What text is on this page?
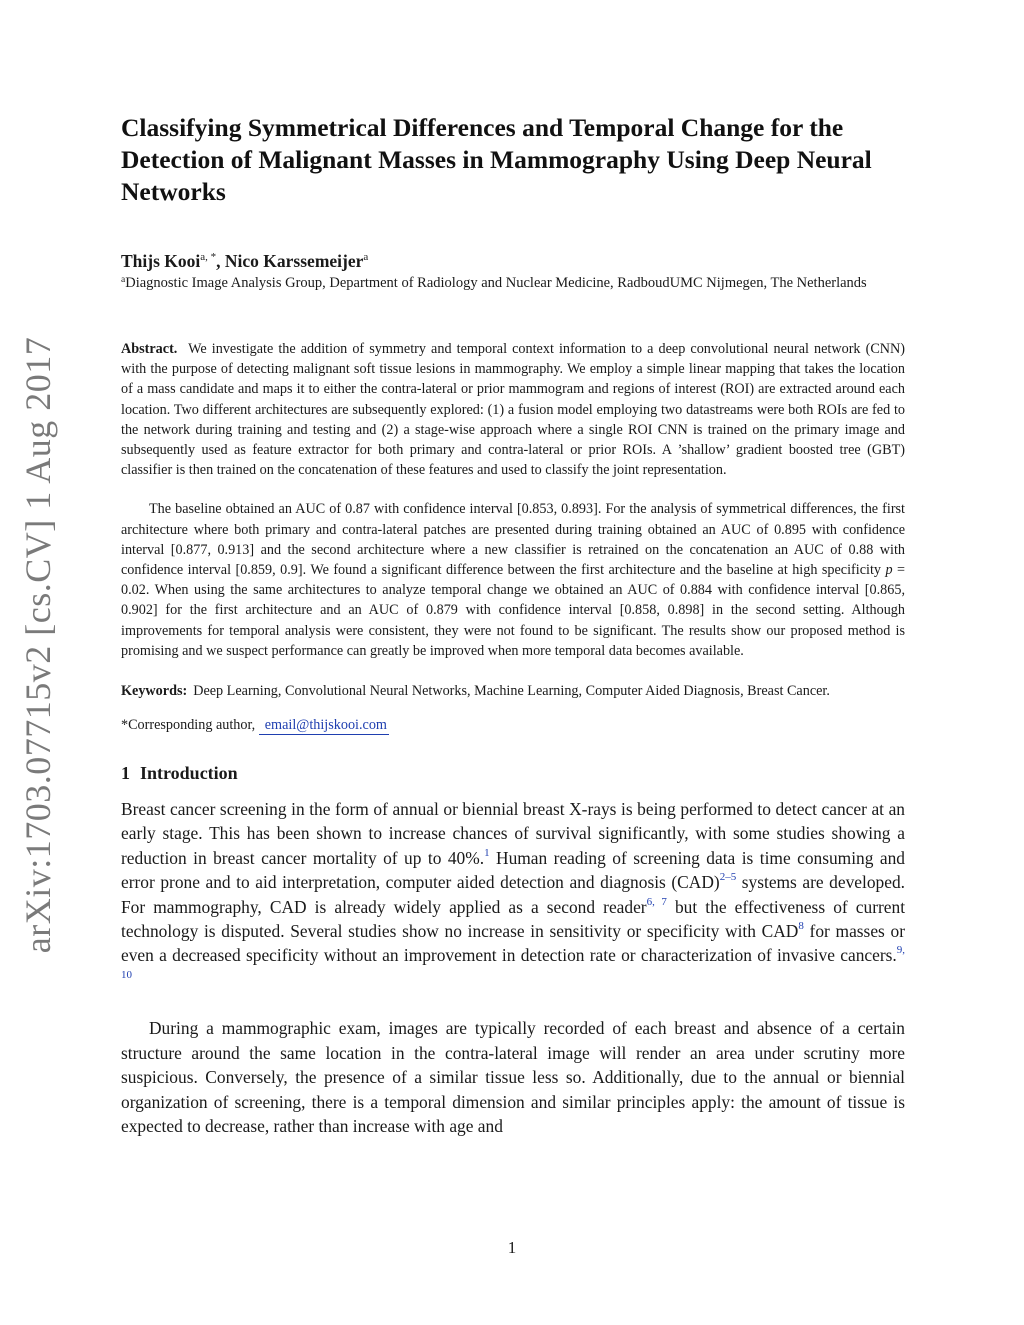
arXiv:1703.07715v2 [cs.CV] 1 Aug 2017
Classifying Symmetrical Differences and Temporal Change for the Detection of Malignant Masses in Mammography Using Deep Neural Networks
Thijs Kooi$^{a, *}$, Nico Karssemeijer$^a$
$^a$Diagnostic Image Analysis Group, Department of Radiology and Nuclear Medicine, RadboudUMC Nijmegen, The Netherlands

Abstract. We investigate the addition of symmetry and temporal context information to a deep convolutional neural network (CNN) with the purpose of detecting malignant soft tissue lesions in mammography. We employ a simple linear mapping that takes the location of a mass candidate and maps it to either the contra-lateral or prior mammogram and regions of interest (ROI) are extracted around each location. Two different architectures are subsequently explored: (1) a fusion model employing two datastreams were both ROIs are fed to the network during training and testing and (2) a stage-wise approach where a single ROI CNN is trained on the primary image and subsequently used as feature extractor for both primary and contra-lateral or prior ROIs. A ’shallow’ gradient boosted tree (GBT) classifier is then trained on the concatenation of these features and used to classify the joint representation.

The baseline obtained an AUC of 0.87 with confidence interval [0.853, 0.893]. For the analysis of symmetrical differences, the first architecture where both primary and contra-lateral patches are presented during training obtained an AUC of 0.895 with confidence interval [0.877, 0.913] and the second architecture where a new classifier is retrained on the concatenation an AUC of 0.88 with confidence interval [0.859, 0.9]. We found a significant difference between the first architecture and the baseline at high specificity p = 0.02. When using the same architectures to analyze temporal change we obtained an AUC of 0.884 with confidence interval [0.865, 0.902] for the first architecture and an AUC of 0.879 with confidence interval [0.858, 0.898] in the second setting. Although improvements for temporal analysis were consistent, they were not found to be significant. The results show our proposed method is promising and we suspect performance can greatly be improved when more temporal data becomes available.

Keywords: Deep Learning, Convolutional Neural Networks, Machine Learning, Computer Aided Diagnosis, Breast Cancer.
*Corresponding author, email@thijskooi.com
1 Introduction

Breast cancer screening in the form of annual or biennial breast X-rays is being performed to detect cancer at an early stage. This has been shown to increase chances of survival significantly, with some studies showing a reduction in breast cancer mortality of up to 40%.$^1$ Human reading of screening data is time consuming and error prone and to aid interpretation, computer aided detection and diagnosis (CAD)$^{2-5}$ systems are developed. For mammography, CAD is already widely applied as a second reader$^{6, 7}$ but the effectiveness of current technology is disputed. Several studies show no increase in sensitivity or specificity with CAD$^8$ for masses or even a decreased specificity without an improvement in detection rate or characterization of invasive cancers.$^{9, 10}$

During a mammographic exam, images are typically recorded of each breast and absence of a certain structure around the same location in the contra-lateral image will render an area under scrutiny more suspicious. Conversely, the presence of a similar tissue less so. Additionally, due to the annual or biennial organization of screening, there is a temporal dimension and similar principles apply: the amount of tissue is expected to decrease, rather than increase with age and

1
